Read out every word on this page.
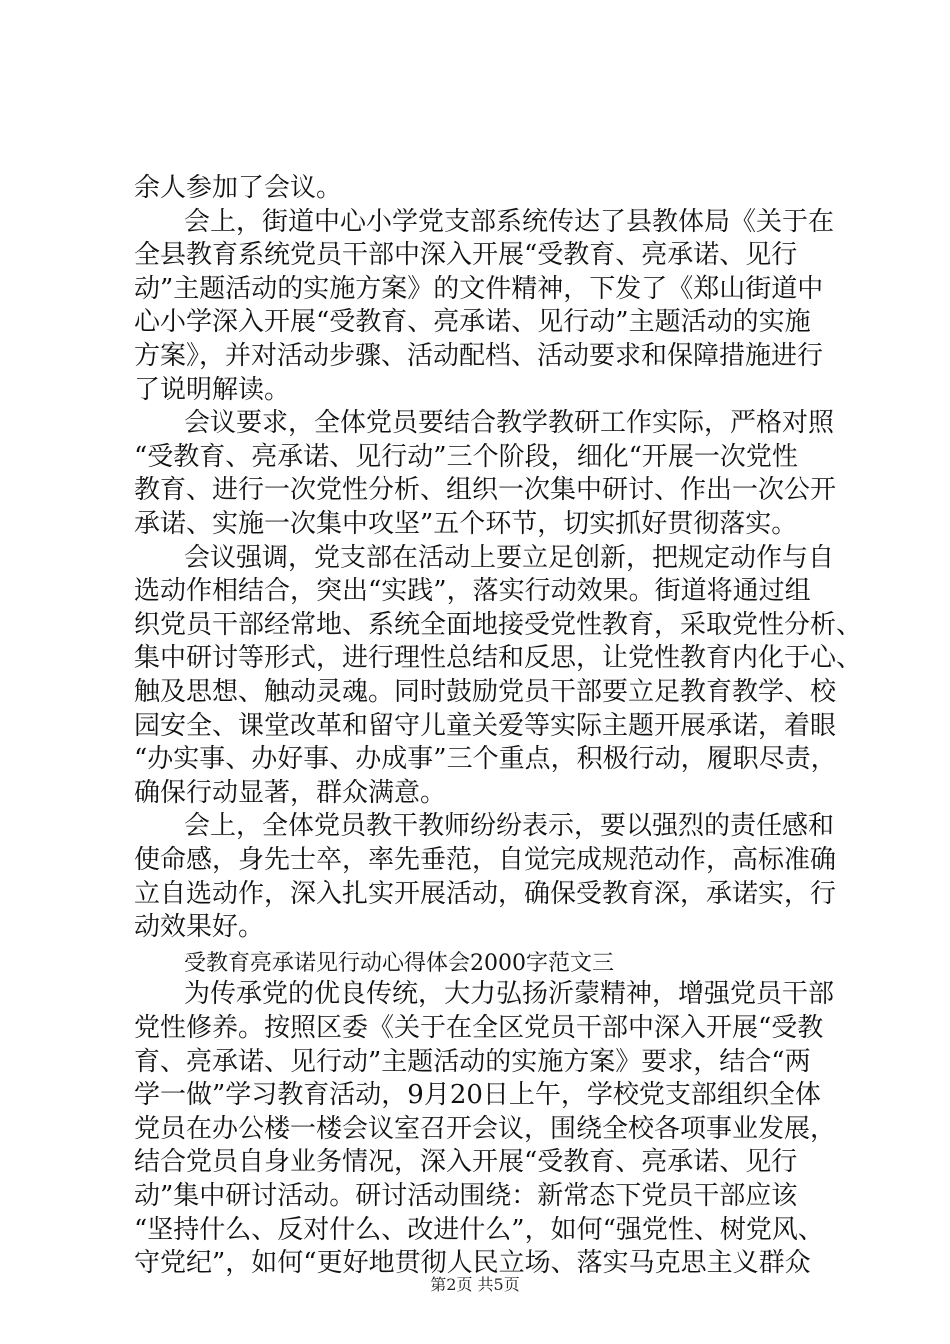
余人参加了会议。
会上，街道中心小学党支部系统传达了县教体局《关于在
全县教育系统党员干部中深入开展“受教育、亮承诺、见行
动”主题活动的实施方案》的文件精神，下发了《郑山街道中
心小学深入开展“受教育、亮承诺、见行动”主题活动的实施
方案》，并对活动步骤、活动配档、活动要求和保障措施进行
了说明解读。
会议要求，全体党员要结合教学教研工作实际，严格对照
“受教育、亮承诺、见行动”三个阶段，细化“开展一次党性
教育、进行一次党性分析、组织一次集中研讨、作出一次公开
承诺、实施一次集中攻坚”五个环节，切实抓好贯彻落实。
会议强调，党支部在活动上要立足创新，把规定动作与自
选动作相结合，突出“实践”，落实行动效果。街道将通过组
织党员干部经常地、系统全面地接受党性教育，采取党性分析、
集中研讨等形式，进行理性总结和反思，让党性教育内化于心、
触及思想、触动灵魂。同时鼓励党员干部要立足教育教学、校
园安全、课堂改革和留守儿童关爱等实际主题开展承诺，着眼
“办实事、办好事、办成事”三个重点，积极行动，履职尽责，
确保行动显著，群众满意。
会上，全体党员教干教师纷纷表示，要以强烈的责任感和
使命感，身先士卒，率先垂范，自觉完成规范动作，高标准确
立自选动作，深入扎实开展活动，确保受教育深，承诺实，行
动效果好。
受教育亮承诺见行动心得体会2000字范文三
为传承党的优良传统，大力弘扬沂蒙精神，增强党员干部
党性修养。按照区委《关于在全区党员干部中深入开展“受教
育、亮承诺、见行动”主题活动的实施方案》要求，结合“两
学一做”学习教育活动，9月20日上午，学校党支部组织全体
党员在办公楼一楼会议室召开会议，围绕全校各项事业发展，
结合党员自身业务情况，深入开展“受教育、亮承诺、见行
动”集中研讨活动。研讨活动围绕：新常态下党员干部应该
“坚持什么、反对什么、改进什么”，如何“强党性、树党风、
守党纪”，如何“更好地贯彻人民立场、落实马克思主义群众
第2页 共5页
